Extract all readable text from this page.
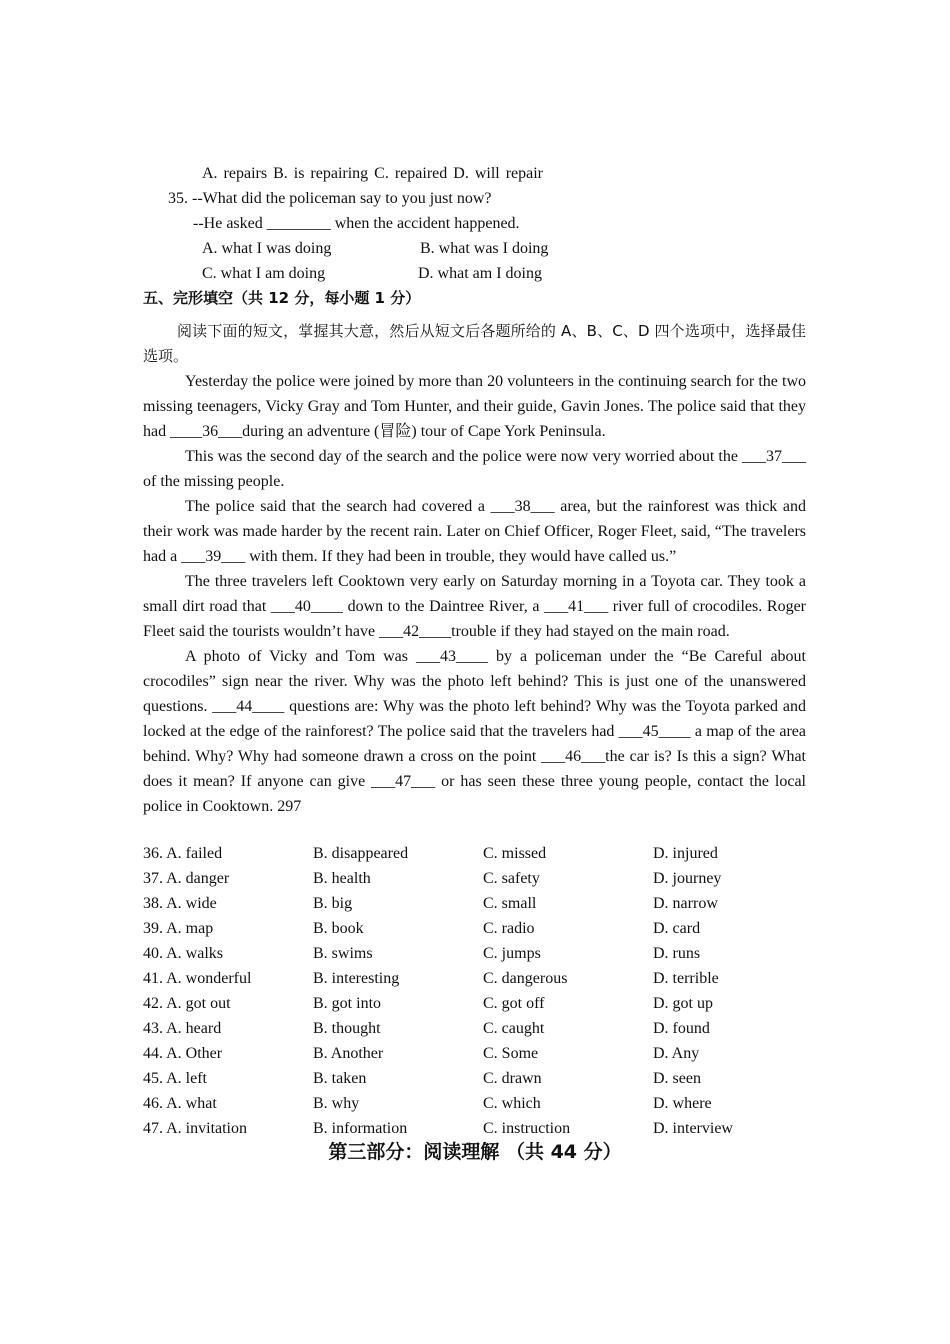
A. repairs B. is repairing C. repaired D. will repair
35. --What did the policeman say to you just now?
--He asked ________ when the accident happened.
A. what I was doing	B. what was I doing
C. what I am doing	D. what am I doing
五、完形填空（共 12 分，每小题 1 分）

阅读下面的短文，掌握其大意，然后从短文后各题所给的 A、B、C、D 四个选项中，选择最佳选项。

Yesterday the police were joined by more than 20 volunteers in the continuing search for the two missing teenagers, Vicky Gray and Tom Hunter, and their guide, Gavin Jones. The police said that they had ____36___during an adventure (冒险) tour of Cape York Peninsula.

This was the second day of the search and the police were now very worried about the ___37___ of the missing people.

The police said that the search had covered a ___38___ area, but the rainforest was thick and their work was made harder by the recent rain. Later on Chief Officer, Roger Fleet, said, “The travelers had a ___39___ with them. If they had been in trouble, they would have called us.”

The three travelers left Cooktown very early on Saturday morning in a Toyota car. They took a small dirt road that ___40____ down to the Daintree River, a ___41___ river full of crocodiles. Roger Fleet said the tourists wouldn’t have ___42____trouble if they had stayed on the main road.

A photo of Vicky and Tom was ___43____ by a policeman under the “Be Careful about crocodiles” sign near the river. Why was the photo left behind? This is just one of the unanswered questions. ___44____ questions are: Why was the photo left behind? Why was the Toyota parked and locked at the edge of the rainforest? The police said that the travelers had ___45____ a map of the area behind. Why? Why had someone drawn a cross on the point ___46___the car is? Is this a sign? What does it mean? If anyone can give ___47___ or has seen these three young people, contact the local police in Cooktown. 297

36. A. failed	B. disappeared	C. missed	D. injured
37. A. danger	B. health	C. safety	D. journey
38. A. wide	B. big	C. small	D. narrow
39. A. map	B. book	C. radio	D. card
40. A. walks	B. swims	C. jumps	D. runs
41. A. wonderful	B. interesting	C. dangerous	D. terrible
42. A. got out	B. got into	C. got off	D. got up
43. A. heard	B. thought	C. caught	D. found
44. A. Other	B. Another	C. Some	D. Any
45. A. left	B. taken	C. drawn	D. seen
46. A. what	B. why	C. which	D. where
47. A. invitation	B. information	C. instruction	D. interview
第三部分：阅读理解 （共 44 分）
